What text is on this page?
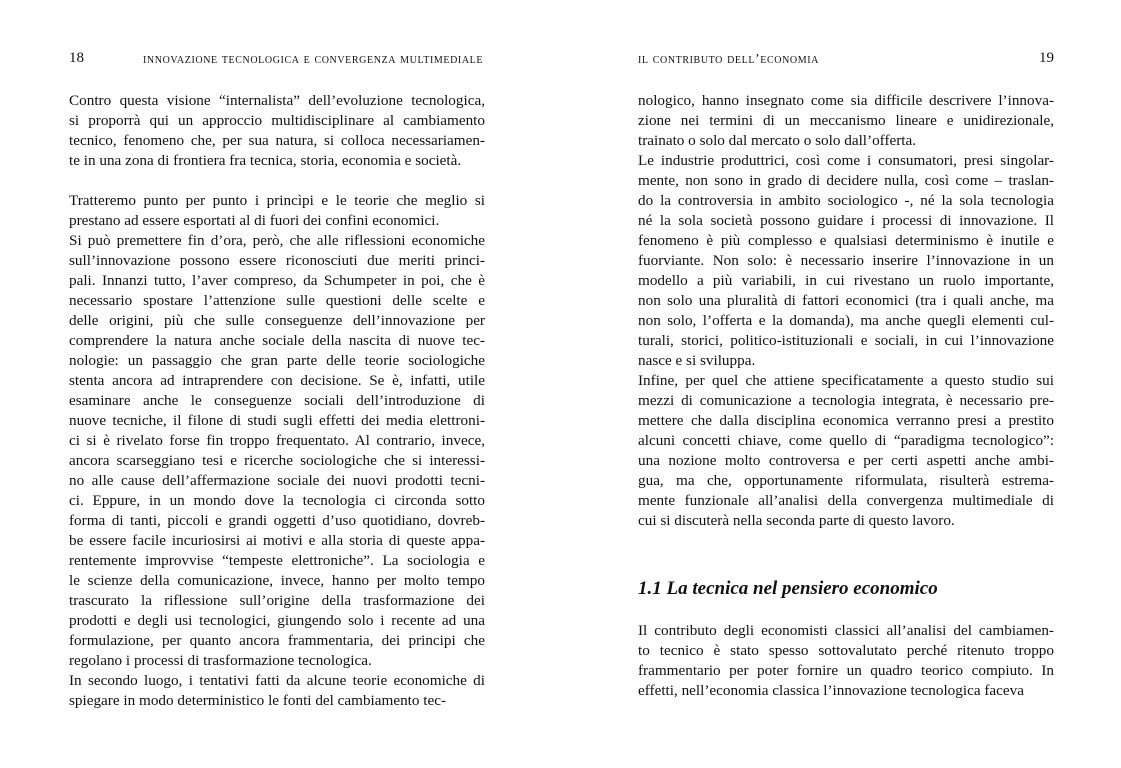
18	innovazione tecnologica e convergenza multimediale

Contro questa visione “internalista” dell’evoluzione tecnologica,
si proporrà qui un approccio multidisciplinare al cambiamento
tecnico, fenomeno che, per sua natura, si colloca necessariamen-
te in una zona di frontiera fra tecnica, storia, economia e società.

Tratteremo punto per punto i princìpi e le teorie che meglio si
prestano ad essere esportati al di fuori dei confini economici.

Si può premettere fin d’ora, però, che alle riflessioni economiche
sull’innovazione possono essere riconosciuti due meriti princi-
pali. Innanzi tutto, l’aver compreso, da Schumpeter in poi, che è
necessario spostare l’attenzione sulle questioni delle scelte e
delle origini, più che sulle conseguenze dell’innovazione per
comprendere la natura anche sociale della nascita di nuove tec-
nologie: un passaggio che gran parte delle teorie sociologiche
stenta ancora ad intraprendere con decisione. Se è, infatti, utile
esaminare anche le conseguenze sociali dell’introduzione di
nuove tecniche, il filone di studi sugli effetti dei media elettroni-
ci si è rivelato forse fin troppo frequentato. Al contrario, invece,
ancora scarseggiano tesi e ricerche sociologiche che si interessi-
no alle cause dell’affermazione sociale dei nuovi prodotti tecni-
ci. Eppure, in un mondo dove la tecnologia ci circonda sotto
forma di tanti, piccoli e grandi oggetti d’uso quotidiano, dovreb-
be essere facile incuriosirsi ai motivi e alla storia di queste appa-
rentemente improvvise “tempeste elettroniche”. La sociologia e
le scienze della comunicazione, invece, hanno per molto tempo
trascurato la riflessione sull’origine della trasformazione dei
prodotti e degli usi tecnologici, giungendo solo i recente ad una
formulazione, per quanto ancora frammentaria, dei principi che
regolano i processi di trasformazione tecnologica.

In secondo luogo, i tentativi fatti da alcune teorie economiche di
spiegare in modo deterministico le fonti del cambiamento tec-

il contributo dell’economia	19

nologico, hanno insegnato come sia difficile descrivere l’innova-
zione nei termini di un meccanismo lineare e unidirezionale,
trainato o solo dal mercato o solo dall’offerta.

Le industrie produttrici, così come i consumatori, presi singolar-
mente, non sono in grado di decidere nulla, così come – traslan-
do la controversia in ambito sociologico -, né la sola tecnologia
né la sola società possono guidare i processi di innovazione. Il
fenomeno è più complesso e qualsiasi determinismo è inutile e
fuorviante. Non solo: è necessario inserire l’innovazione in un
modello a più variabili, in cui rivestano un ruolo importante,
non solo una pluralità di fattori economici (tra i quali anche, ma
non solo, l’offerta e la domanda), ma anche quegli elementi cul-
turali, storici, politico-istituzionali e sociali, in cui l’innovazione
nasce e si sviluppa.

Infine, per quel che attiene specificatamente a questo studio sui
mezzi di comunicazione a tecnologia integrata, è necessario pre-
mettere che dalla disciplina economica verranno presi a prestito
alcuni concetti chiave, come quello di “paradigma tecnologico”:
una nozione molto controversa e per certi aspetti anche ambi-
gua, ma che, opportunamente riformulata, risulterà estrema-
mente funzionale all’analisi della convergenza multimediale di
cui si discuterà nella seconda parte di questo lavoro.

1.1 La tecnica nel pensiero economico

Il contributo degli economisti classici all’analisi del cambiamen-
to tecnico è stato spesso sottovalutato perché ritenuto troppo
frammentario per poter fornire un quadro teorico compiuto. In
effetti, nell’economia classica l’innovazione tecnologica faceva
